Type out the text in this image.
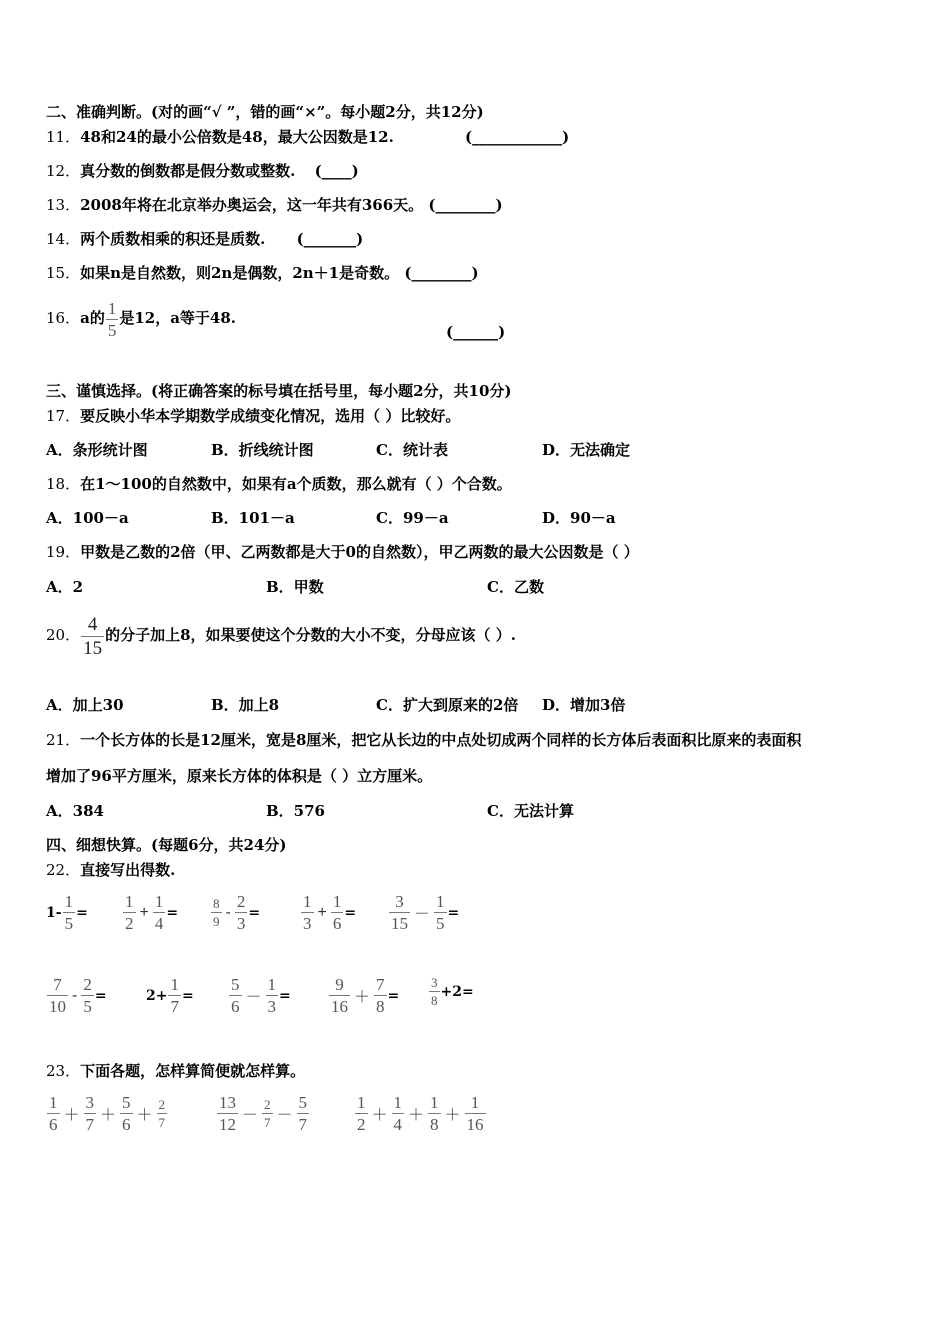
二、准确判断。(对的画“√ ”，错的画“×”。每小题2分，共12分)
11．48和24的最小公倍数是48，最大公因数是12.	(____________)
12．真分数的倒数都是假分数或整数. (____)
13．2008年将在北京举办奥运会，这一年共有366天。 (________)
14．两个质数相乘的积还是质数. (_______)
15．如果n是自然数，则2n是偶数，2n＋1是奇数。 (________)
16．a的 $\frac{1}{5}$ 是12，a等于48.
(______)
三、谨慎选择。(将正确答案的标号填在括号里，每小题2分，共10分)
17．要反映小华本学期数学成绩变化情况，选用（ ）比较好。
A．条形统计图	B．折线统计图	C．统计表	D．无法确定
18．在1～100的自然数中，如果有a个质数，那么就有（ ）个合数。
A．100－a	B．101－a	C．99－a	D．90－a
19．甲数是乙数的2倍（甲、乙两数都是大于0的自然数），甲乙两数的最大公因数是（ ）
A．2	B．甲数	C．乙数
20． $\frac{4}{15}$ 的分子加上8，如果要使这个分数的大小不变，分母应该（ ）.
A．加上30	B．加上8	C．扩大到原来的2倍 D．增加3倍
21．一个长方体的长是12厘米，宽是8厘米，把它从长边的中点处切成两个同样的长方体后表面积比原来的表面积
增加了96平方厘米，原来长方体的体积是（ ）立方厘米。
A．384	B．576	C．无法计算
四、细想快算。(每题6分，共24分)
22．直接写出得数.
$1- \frac{1}{5} = \frac{1}{2} + \frac{1}{4}$ =	$\frac{8}{9} - \frac{2}{3} = \frac{1}{3} + \frac{1}{6} = \frac{3}{15} - \frac{1}{5}$ =
$\frac{7}{10} - \frac{2}{5}$ =	$2+ \frac{1}{7} = \frac{5}{6} - \frac{1}{3} = \frac{9}{16} + \frac{7}{8} = \frac{3}{8} +2=$
23．下面各题，怎样算简便就怎样算。
$\frac{1}{6} + \frac{3}{7} + \frac{5}{6} + \frac{2}{7}$	$\frac{13}{12} - \frac{2}{7} - \frac{5}{7}$	$\frac{1}{2} + \frac{1}{4} + \frac{1}{8} + \frac{1}{16}$
